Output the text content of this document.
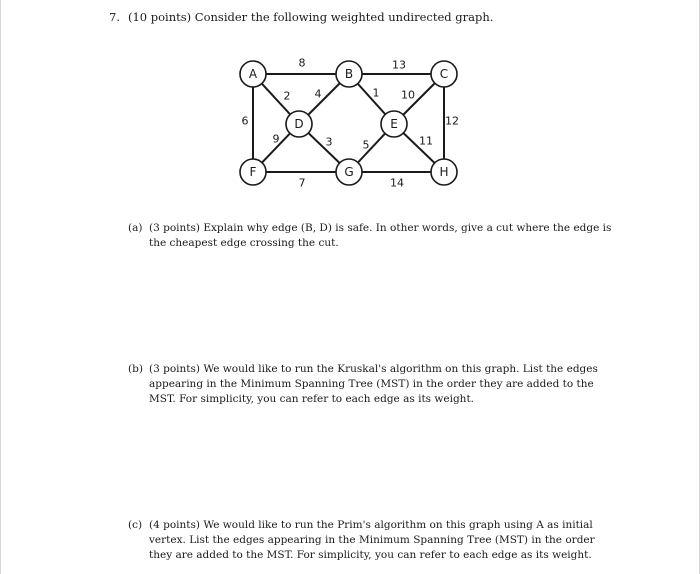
7. (10 points) Consider the following weighted undirected graph.
8	13
2 4	1 10
6	12
9	3	5	11
7	14
A	B	C
D	E
F	G	H
(a) (3 points) Explain why edge (B, D) is safe. In other words, give a cut where the edge is the cheapest edge crossing the cut.
(b) (3 points) We would like to run the Kruskal's algorithm on this graph. List the edges appearing in the Minimum Spanning Tree (MST) in the order they are added to the MST. For simplicity, you can refer to each edge as its weight.
(c) (4 points) We would like to run the Prim's algorithm on this graph using A as initial vertex. List the edges appearing in the Minimum Spanning Tree (MST) in the order they are added to the MST. For simplicity, you can refer to each edge as its weight.
